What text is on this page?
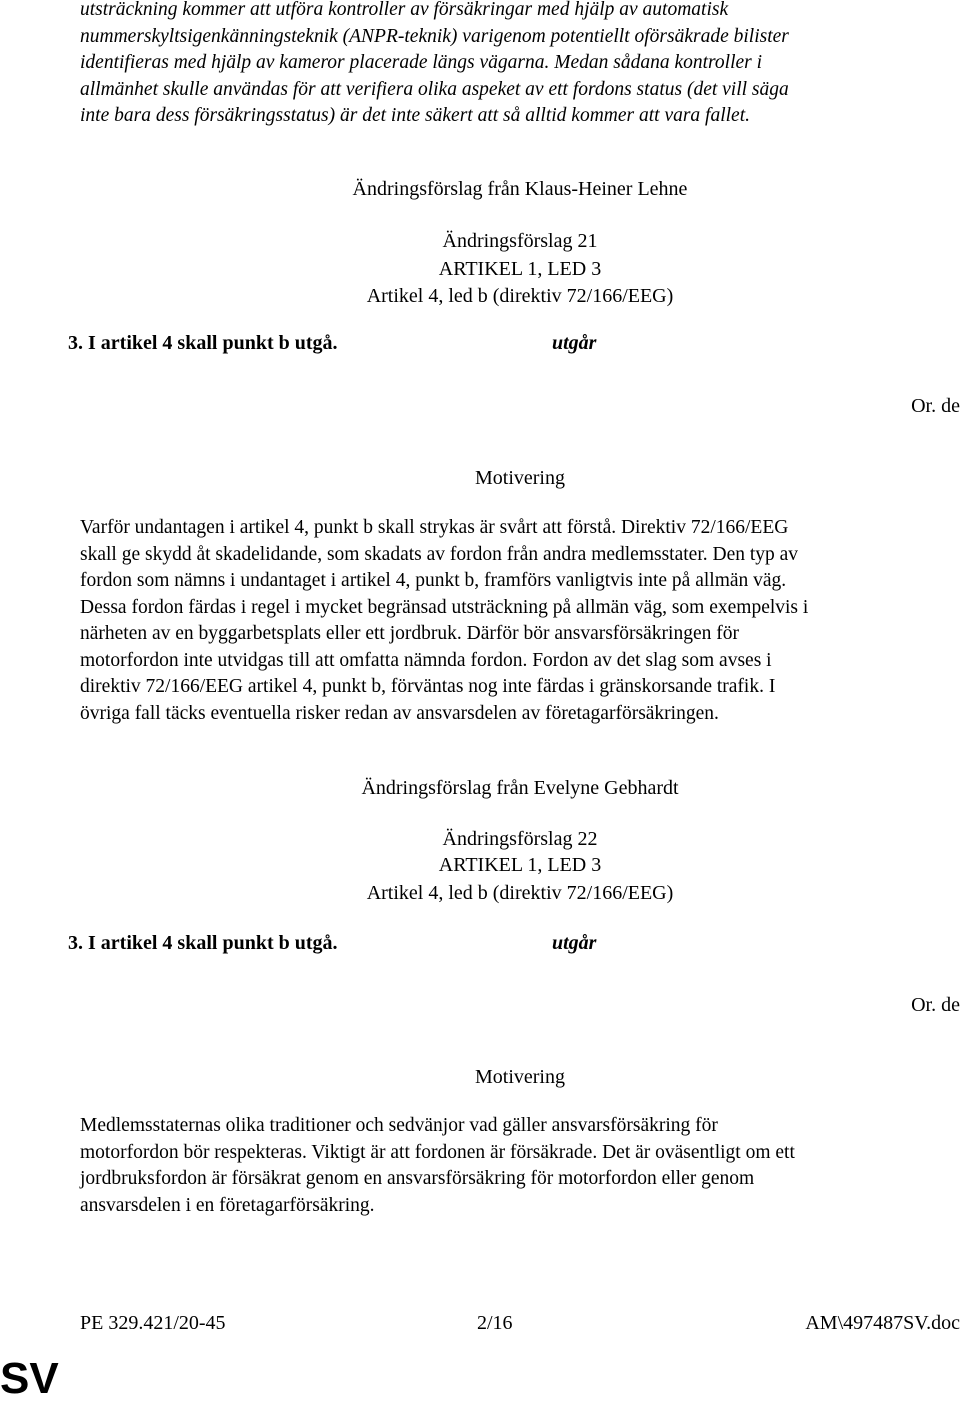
utsträckning kommer att utföra kontroller av försäkringar med hjälp av automatisk
nummerskyltsigenkänningsteknik (ANPR-teknik) varigenom potentiellt oförsäkrade bilister
identifieras med hjälp av kameror placerade längs vägarna. Medan sådana kontroller i
allmänhet skulle användas för att verifiera olika aspeket av ett fordons status (det vill säga
inte bara dess försäkringsstatus) är det inte säkert att så alltid kommer att vara fallet.
Ändringsförslag från Klaus-Heiner Lehne
Ändringsförslag 21
ARTIKEL 1, LED 3
Artikel 4, led b (direktiv 72/166/EEG)
3. I artikel 4 skall punkt b utgå.	utgår
Or. de
Motivering
Varför undantagen i artikel 4, punkt b skall strykas är svårt att förstå. Direktiv 72/166/EEG
skall ge skydd åt skadelidande, som skadats av fordon från andra medlemsstater. Den typ av
fordon som nämns i undantaget i artikel 4, punkt b, framförs vanligtvis inte på allmän väg.
Dessa fordon färdas i regel i mycket begränsad utsträckning på allmän väg, som exempelvis i
närheten av en byggarbetsplats eller ett jordbruk. Därför bör ansvarsförsäkringen för
motorfordon inte utvidgas till att omfatta nämnda fordon. Fordon av det slag som avses i
direktiv 72/166/EEG artikel 4, punkt b, förväntas nog inte färdas i gränskorsande trafik. I
övriga fall täcks eventuella risker redan av ansvarsdelen av företagarförsäkringen.
Ändringsförslag från Evelyne Gebhardt
Ändringsförslag 22
ARTIKEL 1, LED 3
Artikel 4, led b (direktiv 72/166/EEG)
3. I artikel 4 skall punkt b utgå.	utgår
Or. de
Motivering
Medlemsstaternas olika traditioner och sedvänjor vad gäller ansvarsförsäkring för
motorfordon bör respekteras. Viktigt är att fordonen är försäkrade. Det är oväsentligt om ett
jordbruksfordon är försäkrat genom en ansvarsförsäkring för motorfordon eller genom
ansvarsdelen i en företagarförsäkring.
PE 329.421/20-45	2/16	AM\497487SV.doc
SV
